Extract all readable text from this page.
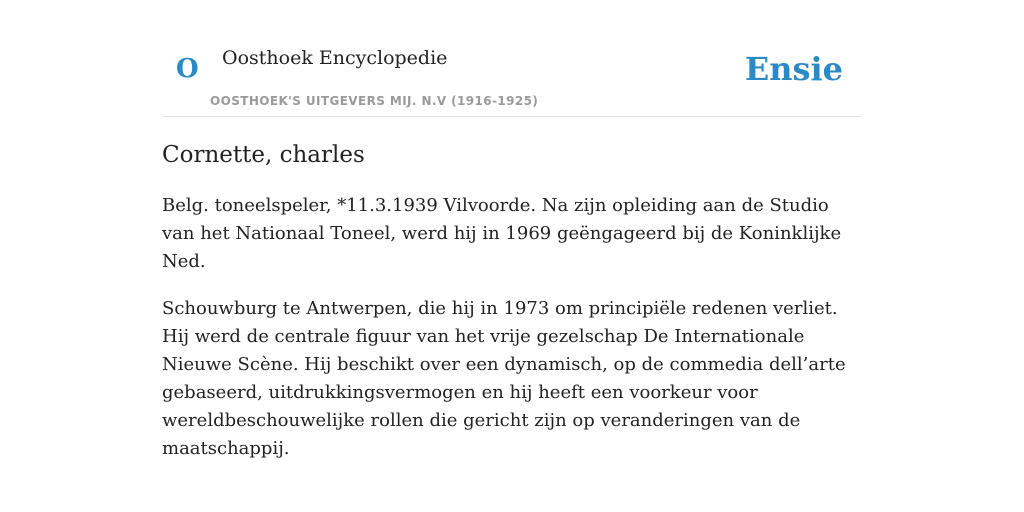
O Oosthoek Encyclopedie
OOSTHOEK'S UITGEVERS MIJ. N.V (1916-1925)
Ensie
Cornette, charles

Belg. toneelspeler, *11.3.1939 Vilvoorde. Na zijn opleiding aan de Studio van het Nationaal Toneel, werd hij in 1969 geëngageerd bij de Koninklijke Ned.

Schouwburg te Antwerpen, die hij in 1973 om principiële redenen verliet. Hij werd de centrale figuur van het vrije gezelschap De Internationale Nieuwe Scène. Hij beschikt over een dynamisch, op de commedia dell’arte gebaseerd, uitdrukkingsvermogen en hij heeft een voorkeur voor wereldbeschouwelijke rollen die gericht zijn op veranderingen van de maatschappij.
